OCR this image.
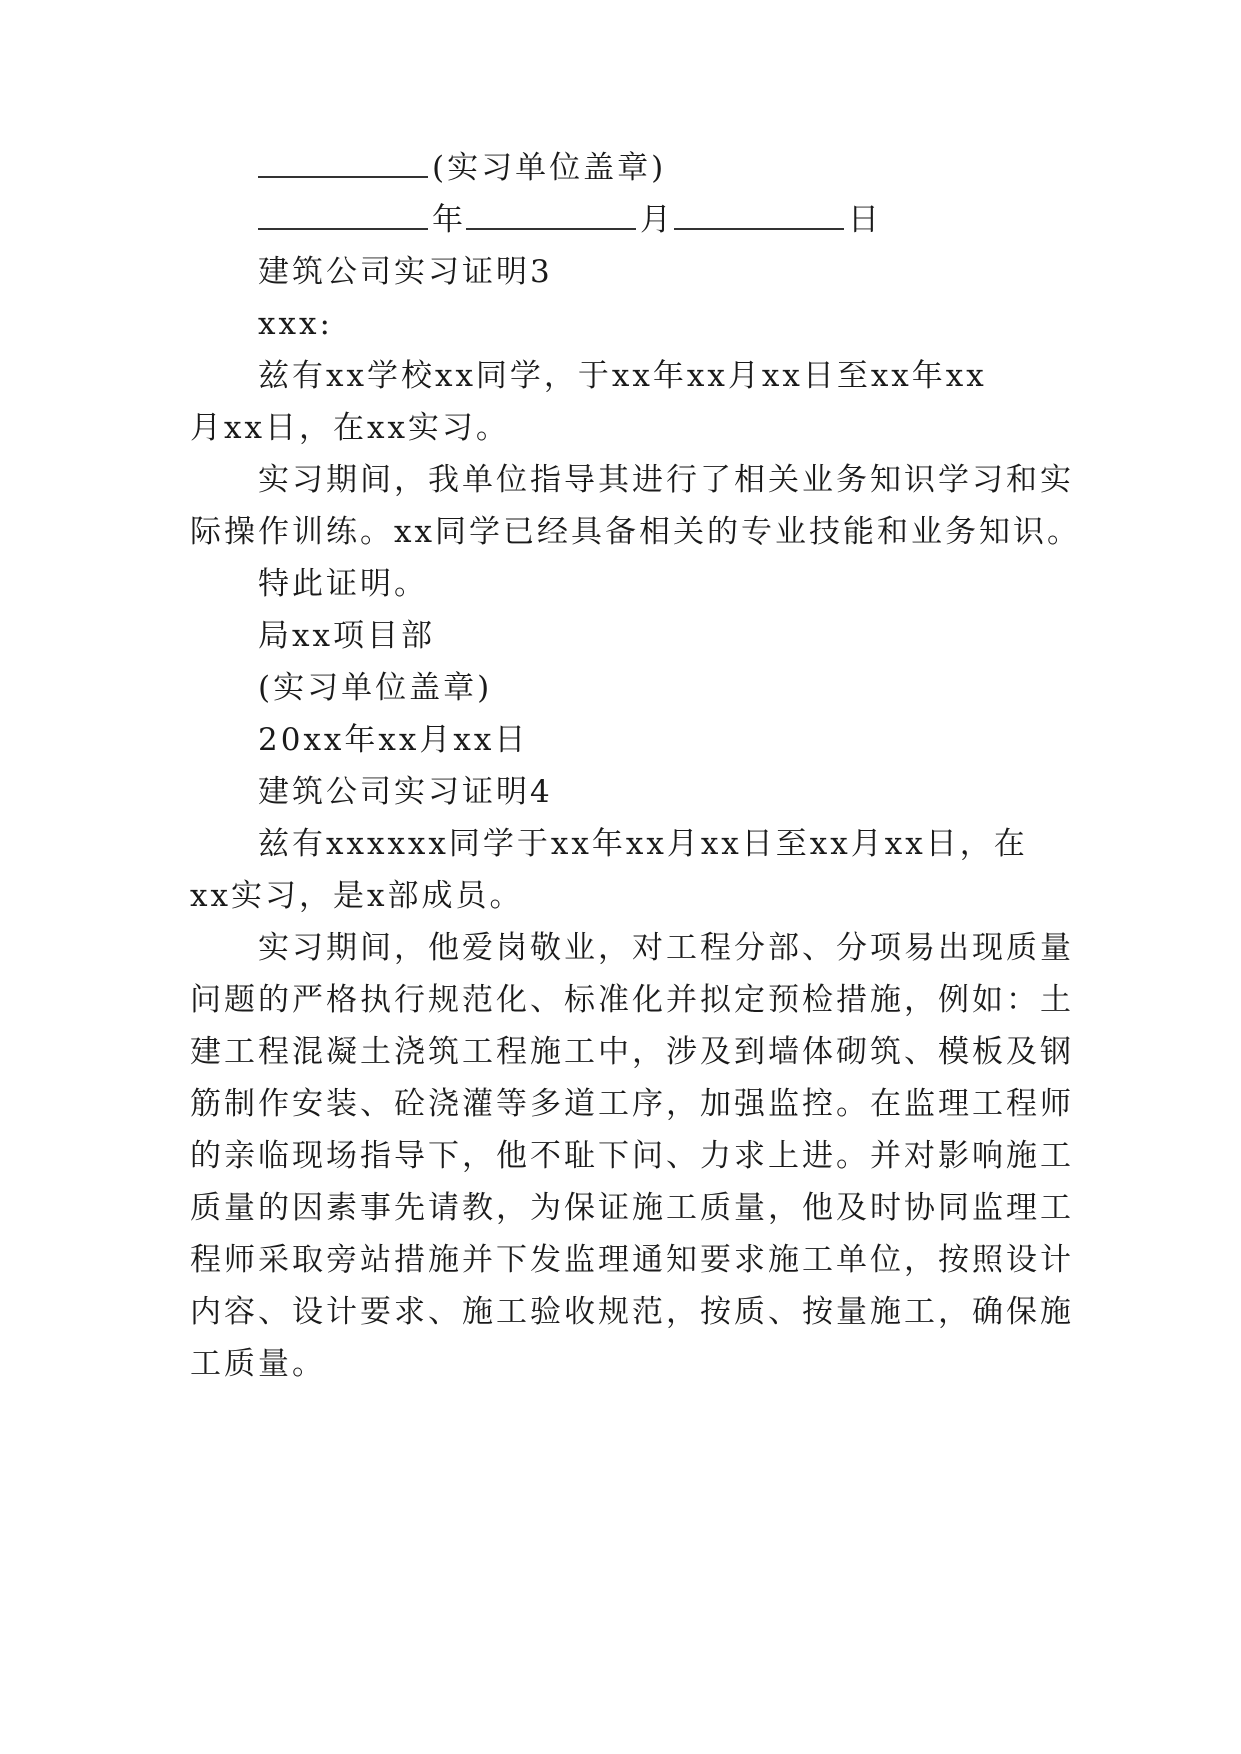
(实习单位盖章)
年	月	日
建筑公司实习证明3
xxx:
兹有xx学校xx同学，于xx年xx月xx日至xx年xx
月xx日，在xx实习。
实习期间，我单位指导其进行了相关业务知识学习和实
际操作训练。xx同学已经具备相关的专业技能和业务知识。
特此证明。
局xx项目部
(实习单位盖章)
20xx年xx月xx日
建筑公司实习证明4
兹有xxxxxx同学于xx年xx月xx日至xx月xx日，在
xx实习，是x部成员。
实习期间，他爱岗敬业，对工程分部、分项易出现质量
问题的严格执行规范化、标准化并拟定预检措施，例如：土
建工程混凝土浇筑工程施工中，涉及到墙体砌筑、模板及钢
筋制作安装、砼浇灌等多道工序，加强监控。在监理工程师
的亲临现场指导下，他不耻下问、力求上进。并对影响施工
质量的因素事先请教，为保证施工质量，他及时协同监理工
程师采取旁站措施并下发监理通知要求施工单位，按照设计
内容、设计要求、施工验收规范，按质、按量施工，确保施
工质量。
